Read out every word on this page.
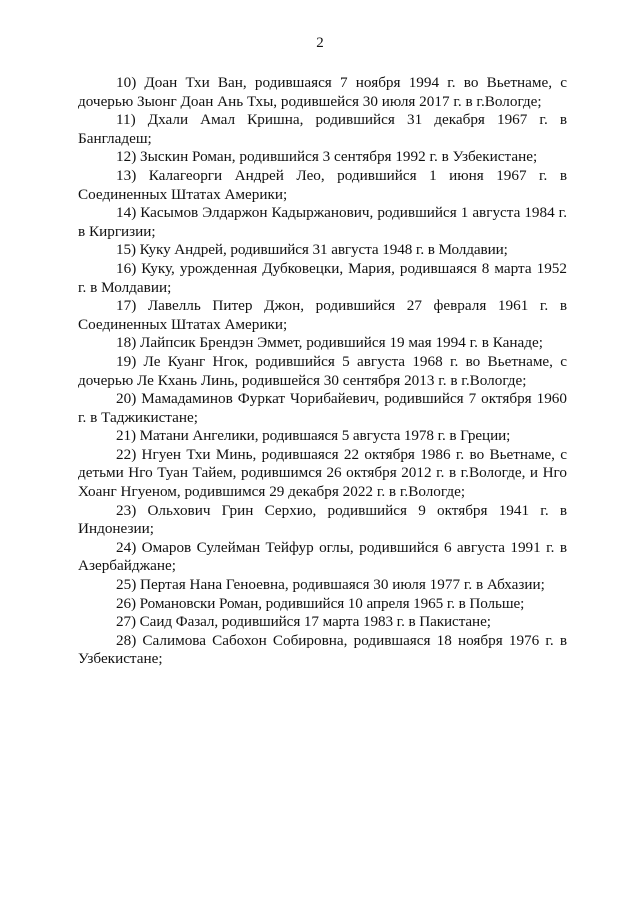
2

10) Доан Тхи Ван, родившаяся 7 ноября 1994 г. во Вьетнаме, с дочерью Зыонг Доан Ань Тхы, родившейся 30 июля 2017 г. в г.Вологде;

11) Дхали Амал Кришна, родившийся 31 декабря 1967 г. в Бангладеш;

12) Зыскин Роман, родившийся 3 сентября 1992 г. в Узбекистане;

13) Калагеорги Андрей Лео, родившийся 1 июня 1967 г. в Соединенных Штатах Америки;

14) Касымов Элдаржон Кадыржанович, родившийся 1 августа 1984 г. в Киргизии;

15) Куку Андрей, родившийся 31 августа 1948 г. в Молдавии;

16) Куку, урожденная Дубковецки, Мария, родившаяся 8 марта 1952 г. в Молдавии;

17) Лавелль Питер Джон, родившийся 27 февраля 1961 г. в Соединенных Штатах Америки;

18) Лайпсик Брендэн Эммет, родившийся 19 мая 1994 г. в Канаде;

19) Ле Куанг Нгок, родившийся 5 августа 1968 г. во Вьетнаме, с дочерью Ле Кхань Линь, родившейся 30 сентября 2013 г. в г.Вологде;

20) Мамадаминов Фуркат Чорибайевич, родившийся 7 октября 1960 г. в Таджикистане;

21) Матани Ангелики, родившаяся 5 августа 1978 г. в Греции;

22) Нгуен Тхи Минь, родившаяся 22 октября 1986 г. во Вьетнаме, с детьми Нго Туан Тайем, родившимся 26 октября 2012 г. в г.Вологде, и Нго Хоанг Нгуеном, родившимся 29 декабря 2022 г. в г.Вологде;

23) Ольхович Грин Серхио, родившийся 9 октября 1941 г. в Индонезии;

24) Омаров Сулейман Тейфур оглы, родившийся 6 августа 1991 г. в Азербайджане;

25) Пертая Нана Геноевна, родившаяся 30 июля 1977 г. в Абхазии;

26) Романовски Роман, родившийся 10 апреля 1965 г. в Польше;

27) Саид Фазал, родившийся 17 марта 1983 г. в Пакистане;

28) Салимова Сабохон Собировна, родившаяся 18 ноября 1976 г. в Узбекистане;
